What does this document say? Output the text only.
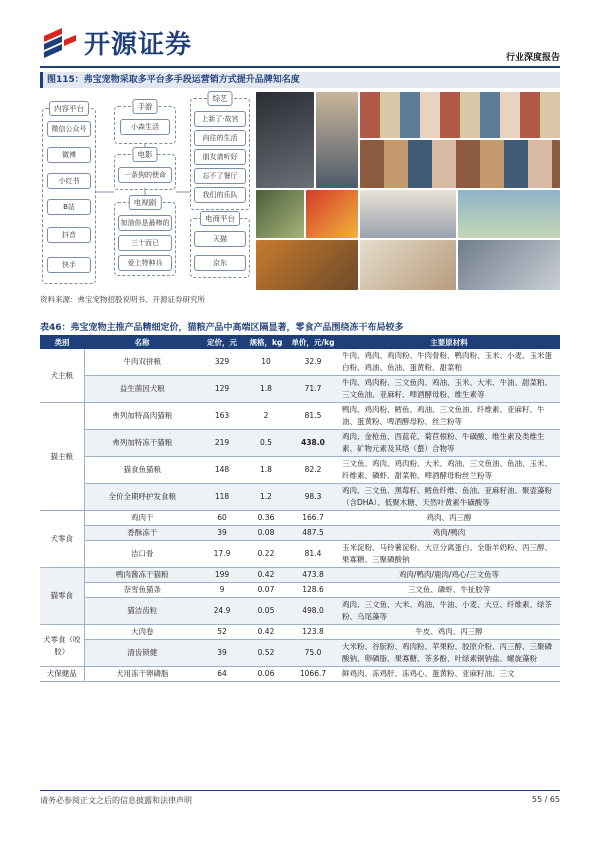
开源证券	行业深度报告
图115：弗宝宠物采取多平台多手段运营销方式提升品牌知名度
内容平台
微信公众号
微博
小红书
B站
抖音
快手
手游
小森生活
电影
一条狗的使命
电视剧
加油你是最棒的
三十而已
爱上特种兵
综艺
上新了·故宫
向往的生活
朋友请听好
忘不了餐厅
我们的乐队
电商平台
天猫
京东
资料来源：弗宝宠物招股说明书、开源证券研究所
表46：弗宝宠物主推产品精细定价，猫粮产品中高端区隔显著，零食产品围绕冻干布局较多
类别	名称	定价，元	规格，kg	单价，元/kg	主要原材料
犬主粮	牛肉双拼粮	329	10	32.9	牛肉、鸡肉、鸡肉粉、牛肉骨粉、鸭肉粉、玉米、小麦、玉米蛋白粉、鸡油、鱼油、蛋黄粉、甜菜粕
	益生菌因犬粮	129	1.8	71.7	牛肉、鸡肉粉、三文鱼肉、鸡油、玉米、大米、牛油、甜菜粕、三文鱼油、亚麻籽、啤酒酵母粉、维生素等
猫主粮	弗列加特高肉猫粮	163	2	81.5	鸭肉、鸡肉粉、鳕鱼、鸡油、三文鱼油、纤维素、亚麻籽、牛油、蛋黄粉、啤酒酵母粉、丝兰粉等
	弗列加特冻干猫粮	219	0.5	438.0	鸡肉、金枪鱼、西蓝花、菊苣根粉、牛磺酸、维生素及类维生素、矿物元素及其络（螯）合物等
	猫食鱼猫粮	148	1.8	82.2	三文鱼、鸡肉、鸡肉粉、大米、鸡油、三文鱼油、鱼油、玉米、纤维素、磷虾、甜菜粕、啤酒酵母粉丝兰粉等
	全价全期呼护发食粮	118	1.2	98.3	鸡肉、三文鱼、黑莓籽、鳕鱼纤维、鱼油、亚麻籽油、聚壶藻粉（含DHA）、低聚木糖、天然叶黄素牛磺酸等
犬零食	鸡肉干	60	0.36	166.7	鸡肉、丙三醇
	香酥冻干	39	0.08	487.5	鸡肉/鸭肉
	洁口骨	17.9	0.22	81.4	玉米淀粉、马铃薯淀粉、大豆分离蛋白、全脂羊奶粉、丙三醇、果寡糖、三聚磷酸钠
猫零食	鸭肉酱冻干猫粮	199	0.42	473.8	鸡肉/鸭肉/鹿肉/鸡心/三文鱼等
	奈雪鱼猫条	9	0.07	128.6	三文鱼、磷虾、牛扯胶等
	猫洁齿粒	24.9	0.05	498.0	鸡肉、三文鱼、大米、鸡油、牛油、小麦、大豆、纤维素、绿茶粉、乌尾藻等
犬零食（咬胶）	大肉卷	52	0.42	123.8	牛皮、鸡肉、丙三醇
	清齿锁健	39	0.52	75.0	大米粉、谷朊粉、鸡肉粉、苹果粉、胶原介粉、丙三醇、三聚磷酸钠、卵磷脂、果寡糖、茶多酚、叶绿素铜钠盐、螺旋藻粉
犬保健品	犬用冻干卵磷脂	64	0.06	1066.7	鲜鸡肉、冻鸡肝、冻鸡心、蛋黄粉、亚麻籽油、三文
请务必参阅正文之后的信息披露和法律声明	55 / 65
